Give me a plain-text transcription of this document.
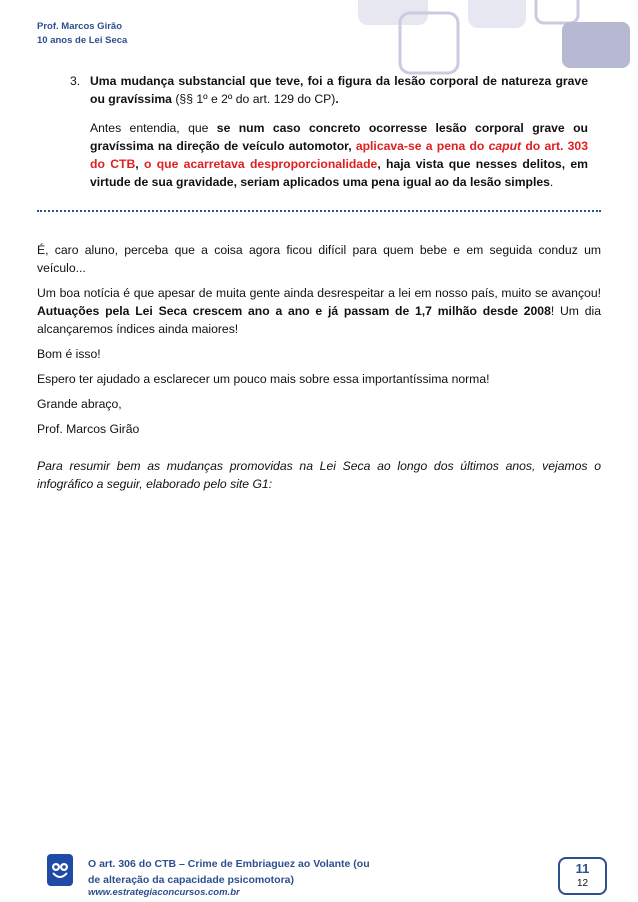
Prof. Marcos Girão
10 anos de Lei Seca
3. Uma mudança substancial que teve, foi a figura da lesão corporal de natureza grave ou gravíssima (§§ 1º e 2º do art. 129 do CP).

Antes entendia, que se num caso concreto ocorresse lesão corporal grave ou gravíssima na direção de veículo automotor, aplicava-se a pena do caput do art. 303 do CTB, o que acarretava desproporcionalidade, haja vista que nesses delitos, em virtude de sua gravidade, seriam aplicados uma pena igual ao da lesão simples.

É, caro aluno, perceba que a coisa agora ficou difícil para quem bebe e em seguida conduz um veículo...

Um boa notícia é que apesar de muita gente ainda desrespeitar a lei em nosso país, muito se avançou! Autuações pela Lei Seca crescem ano a ano e já passam de 1,7 milhão desde 2008! Um dia alcançaremos índices ainda maiores!

Bom é isso!

Espero ter ajudado a esclarecer um pouco mais sobre essa importantíssima norma!

Grande abraço,

Prof. Marcos Girão

Para resumir bem as mudanças promovidas na Lei Seca ao longo dos últimos anos, vejamos o infográfico a seguir, elaborado pelo site G1:

O art. 306 do CTB – Crime de Embriaguez ao Volante (ou
de alteração da capacidade psicomotora)
www.estrategiaconcursos.com.br
11
12
